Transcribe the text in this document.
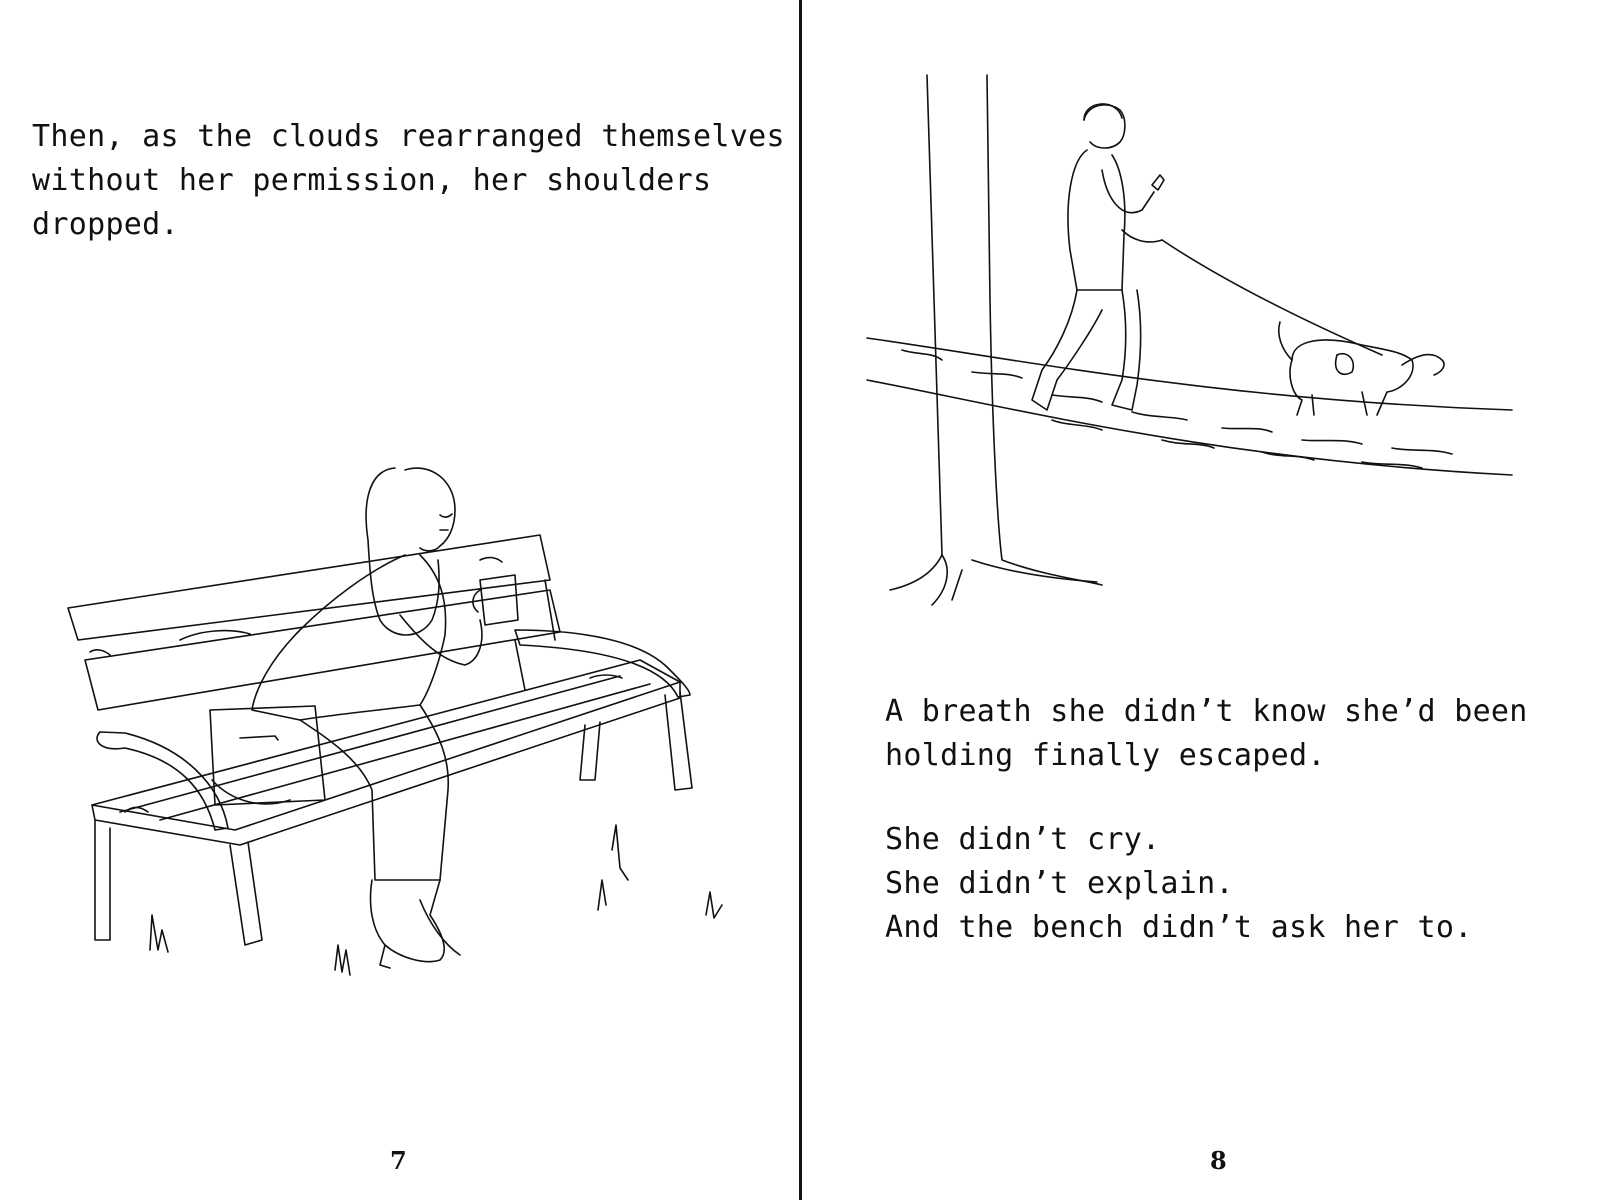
Then, as the clouds rearranged themselves
without her permission, her shoulders
dropped.
7
A breath she didn’t know she’d been
holding finally escaped.
She didn’t cry.
She didn’t explain.
And the bench didn’t ask her to.
8
